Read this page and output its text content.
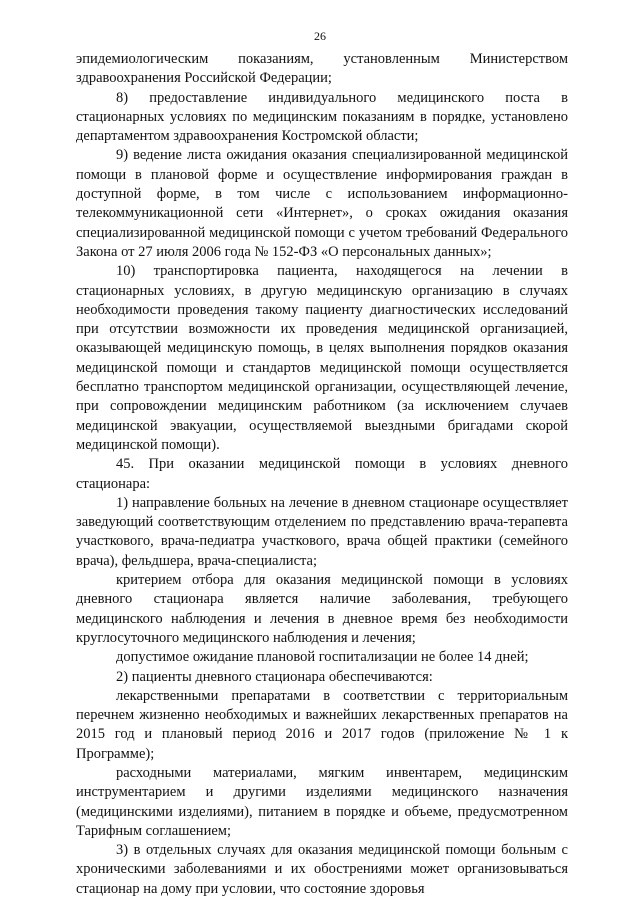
26

эпидемиологическим показаниям, установленным Министерством здравоохранения Российской Федерации;

8) предоставление индивидуального медицинского поста в стационарных условиях по медицинским показаниям в порядке, установлено департаментом здравоохранения Костромской области;

9) ведение листа ожидания оказания специализированной медицинской помощи в плановой форме и осуществление информирования граждан в доступной форме, в том числе с использованием информационно-телекоммуникационной сети «Интернет», о сроках ожидания оказания специализированной медицинской помощи с учетом требований Федерального Закона от 27 июля 2006 года № 152-ФЗ «О персональных данных»;

10) транспортировка пациента, находящегося на лечении в стационарных условиях, в другую медицинскую организацию в случаях необходимости проведения такому пациенту диагностических исследований при отсутствии возможности их проведения медицинской организацией, оказывающей медицинскую помощь, в целях выполнения порядков оказания медицинской помощи и стандартов медицинской помощи осуществляется бесплатно транспортом медицинской организации, осуществляющей лечение, при сопровождении медицинским работником (за исключением случаев медицинской эвакуации, осуществляемой выездными бригадами скорой медицинской помощи).

45. При оказании медицинской помощи в условиях дневного стационара:

1) направление больных на лечение в дневном стационаре осуществляет заведующий соответствующим отделением по представлению врача-терапевта участкового, врача-педиатра участкового, врача общей практики (семейного врача), фельдшера, врача-специалиста;

критерием отбора для оказания медицинской помощи в условиях дневного стационара является наличие заболевания, требующего медицинского наблюдения и лечения в дневное время без необходимости круглосуточного медицинского наблюдения и лечения;

допустимое ожидание плановой госпитализации не более 14 дней;

2) пациенты дневного стационара обеспечиваются:

лекарственными препаратами в соответствии с территориальным перечнем жизненно необходимых и важнейших лекарственных препаратов на 2015 год и плановый период 2016 и 2017 годов (приложение № 1 к Программе);

расходными материалами, мягким инвентарем, медицинским инструментарием и другими изделиями медицинского назначения (медицинскими изделиями), питанием в порядке и объеме, предусмотренном Тарифным соглашением;

3) в отдельных случаях для оказания медицинской помощи больным с хроническими заболеваниями и их обострениями может организовываться стационар на дому при условии, что состояние здоровья
